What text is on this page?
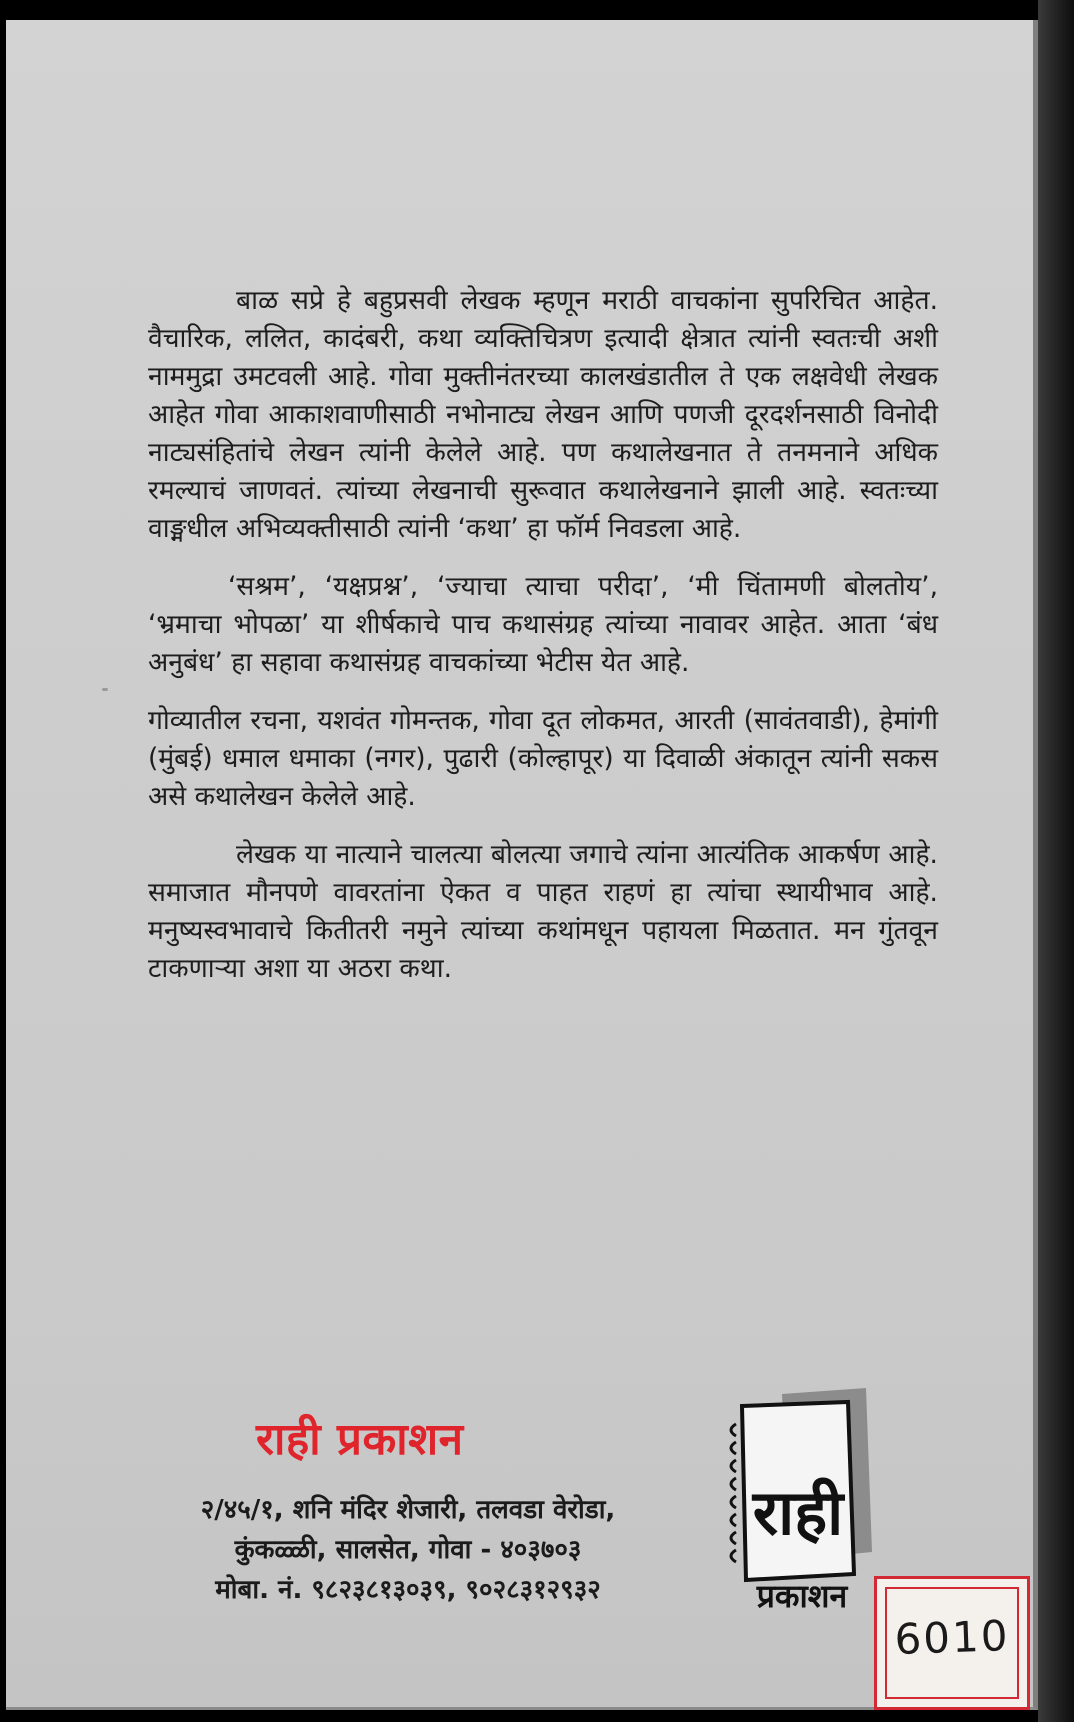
बाळ सप्रे हे बहुप्रसवी लेखक म्हणून मराठी वाचकांना सुपरिचित आहेत. वैचारिक, ललित, कादंबरी, कथा व्यक्तिचित्रण इत्यादी क्षेत्रात त्यांनी स्वतःची अशी नाममुद्रा उमटवली आहे. गोवा मुक्तीनंतरच्या कालखंडातील ते एक लक्षवेधी लेखक आहेत गोवा आकाशवाणीसाठी नभोनाट्य लेखन आणि पणजी दूरदर्शनसाठी विनोदी नाट्यसंहितांचे लेखन त्यांनी केलेले आहे. पण कथालेखनात ते तनमनाने अधिक रमल्याचं जाणवतं. त्यांच्या लेखनाची सुरूवात कथालेखनाने झाली आहे. स्वतःच्या वाङ्मधील अभिव्यक्तीसाठी त्यांनी ‘कथा’ हा फॉर्म निवडला आहे.

‘सश्रम’, ‘यक्षप्रश्न’, ‘ज्याचा त्याचा परीदा’, ‘मी चिंतामणी बोलतोय’, ‘भ्रमाचा भोपळा’ या शीर्षकाचे पाच कथासंग्रह त्यांच्या नावावर आहेत. आता ‘बंध अनुबंध’ हा सहावा कथासंग्रह वाचकांच्या भेटीस येत आहे.

गोव्यातील रचना, यशवंत गोमन्तक, गोवा दूत लोकमत, आरती (सावंतवाडी), हेमांगी (मुंबई) धमाल धमाका (नगर), पुढारी (कोल्हापूर) या दिवाळी अंकातून त्यांनी सकस असे कथालेखन केलेले आहे.

लेखक या नात्याने चालत्या बोलत्या जगाचे त्यांना आत्यंतिक आकर्षण आहे. समाजात मौनपणे वावरतांना ऐकत व पाहत राहणं हा त्यांचा स्थायीभाव आहे. मनुष्यस्वभावाचे कितीतरी नमुने त्यांच्या कथांमधून पहायला मिळतात. मन गुंतवून टाकणाऱ्या अशा या अठरा कथा.

राही प्रकाशन
२/४५/१, शनि मंदिर शेजारी, तलवडा वेरोडा,
कुंकळ्ळी, सालसेत, गोवा - ४०३७०३
मोबा. नं. ९८२३८१३०३९, ९०२८३१२९३२
राही
प्रकाशन
6010
